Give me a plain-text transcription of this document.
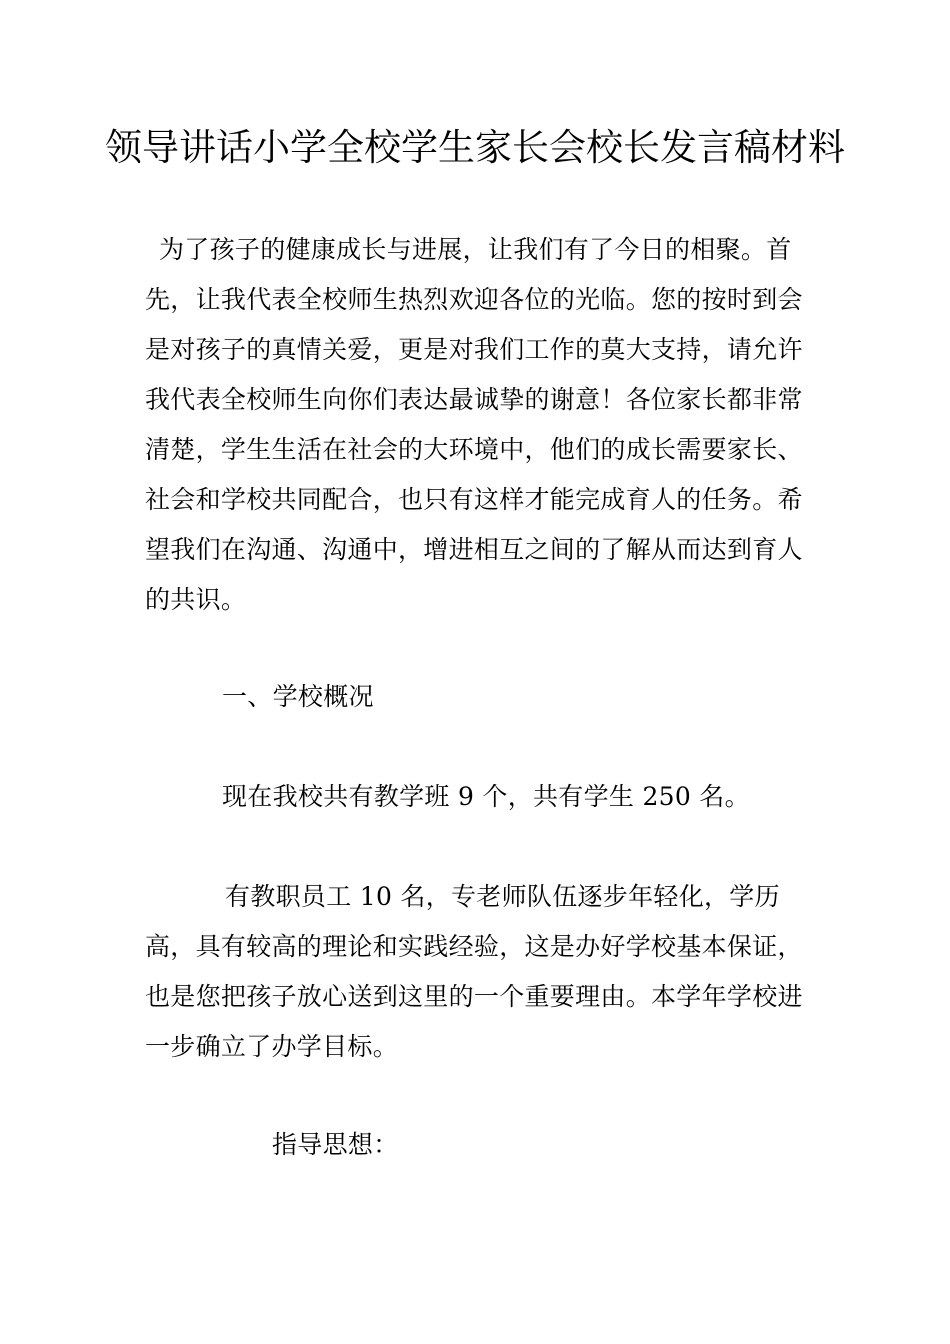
领导讲话小学全校学生家长会校长发言稿材料

为了孩子的健康成长与进展，让我们有了今日的相聚。首先，让我代表全校师生热烈欢迎各位的光临。您的按时到会是对孩子的真情关爱，更是对我们工作的莫大支持，请允许我代表全校师生向你们表达最诚挚的谢意！各位家长都非常清楚，学生生活在社会的大环境中，他们的成长需要家长、社会和学校共同配合，也只有这样才能完成育人的任务。希望我们在沟通、沟通中，增进相互之间的了解从而达到育人的共识。

一、学校概况

现在我校共有教学班 9 个，共有学生 250 名。

有教职员工 10 名，专老师队伍逐步年轻化，学历高，具有较高的理论和实践经验，这是办好学校基本保证，也是您把孩子放心送到这里的一个重要理由。本学年学校进一步确立了办学目标。

指导思想：
